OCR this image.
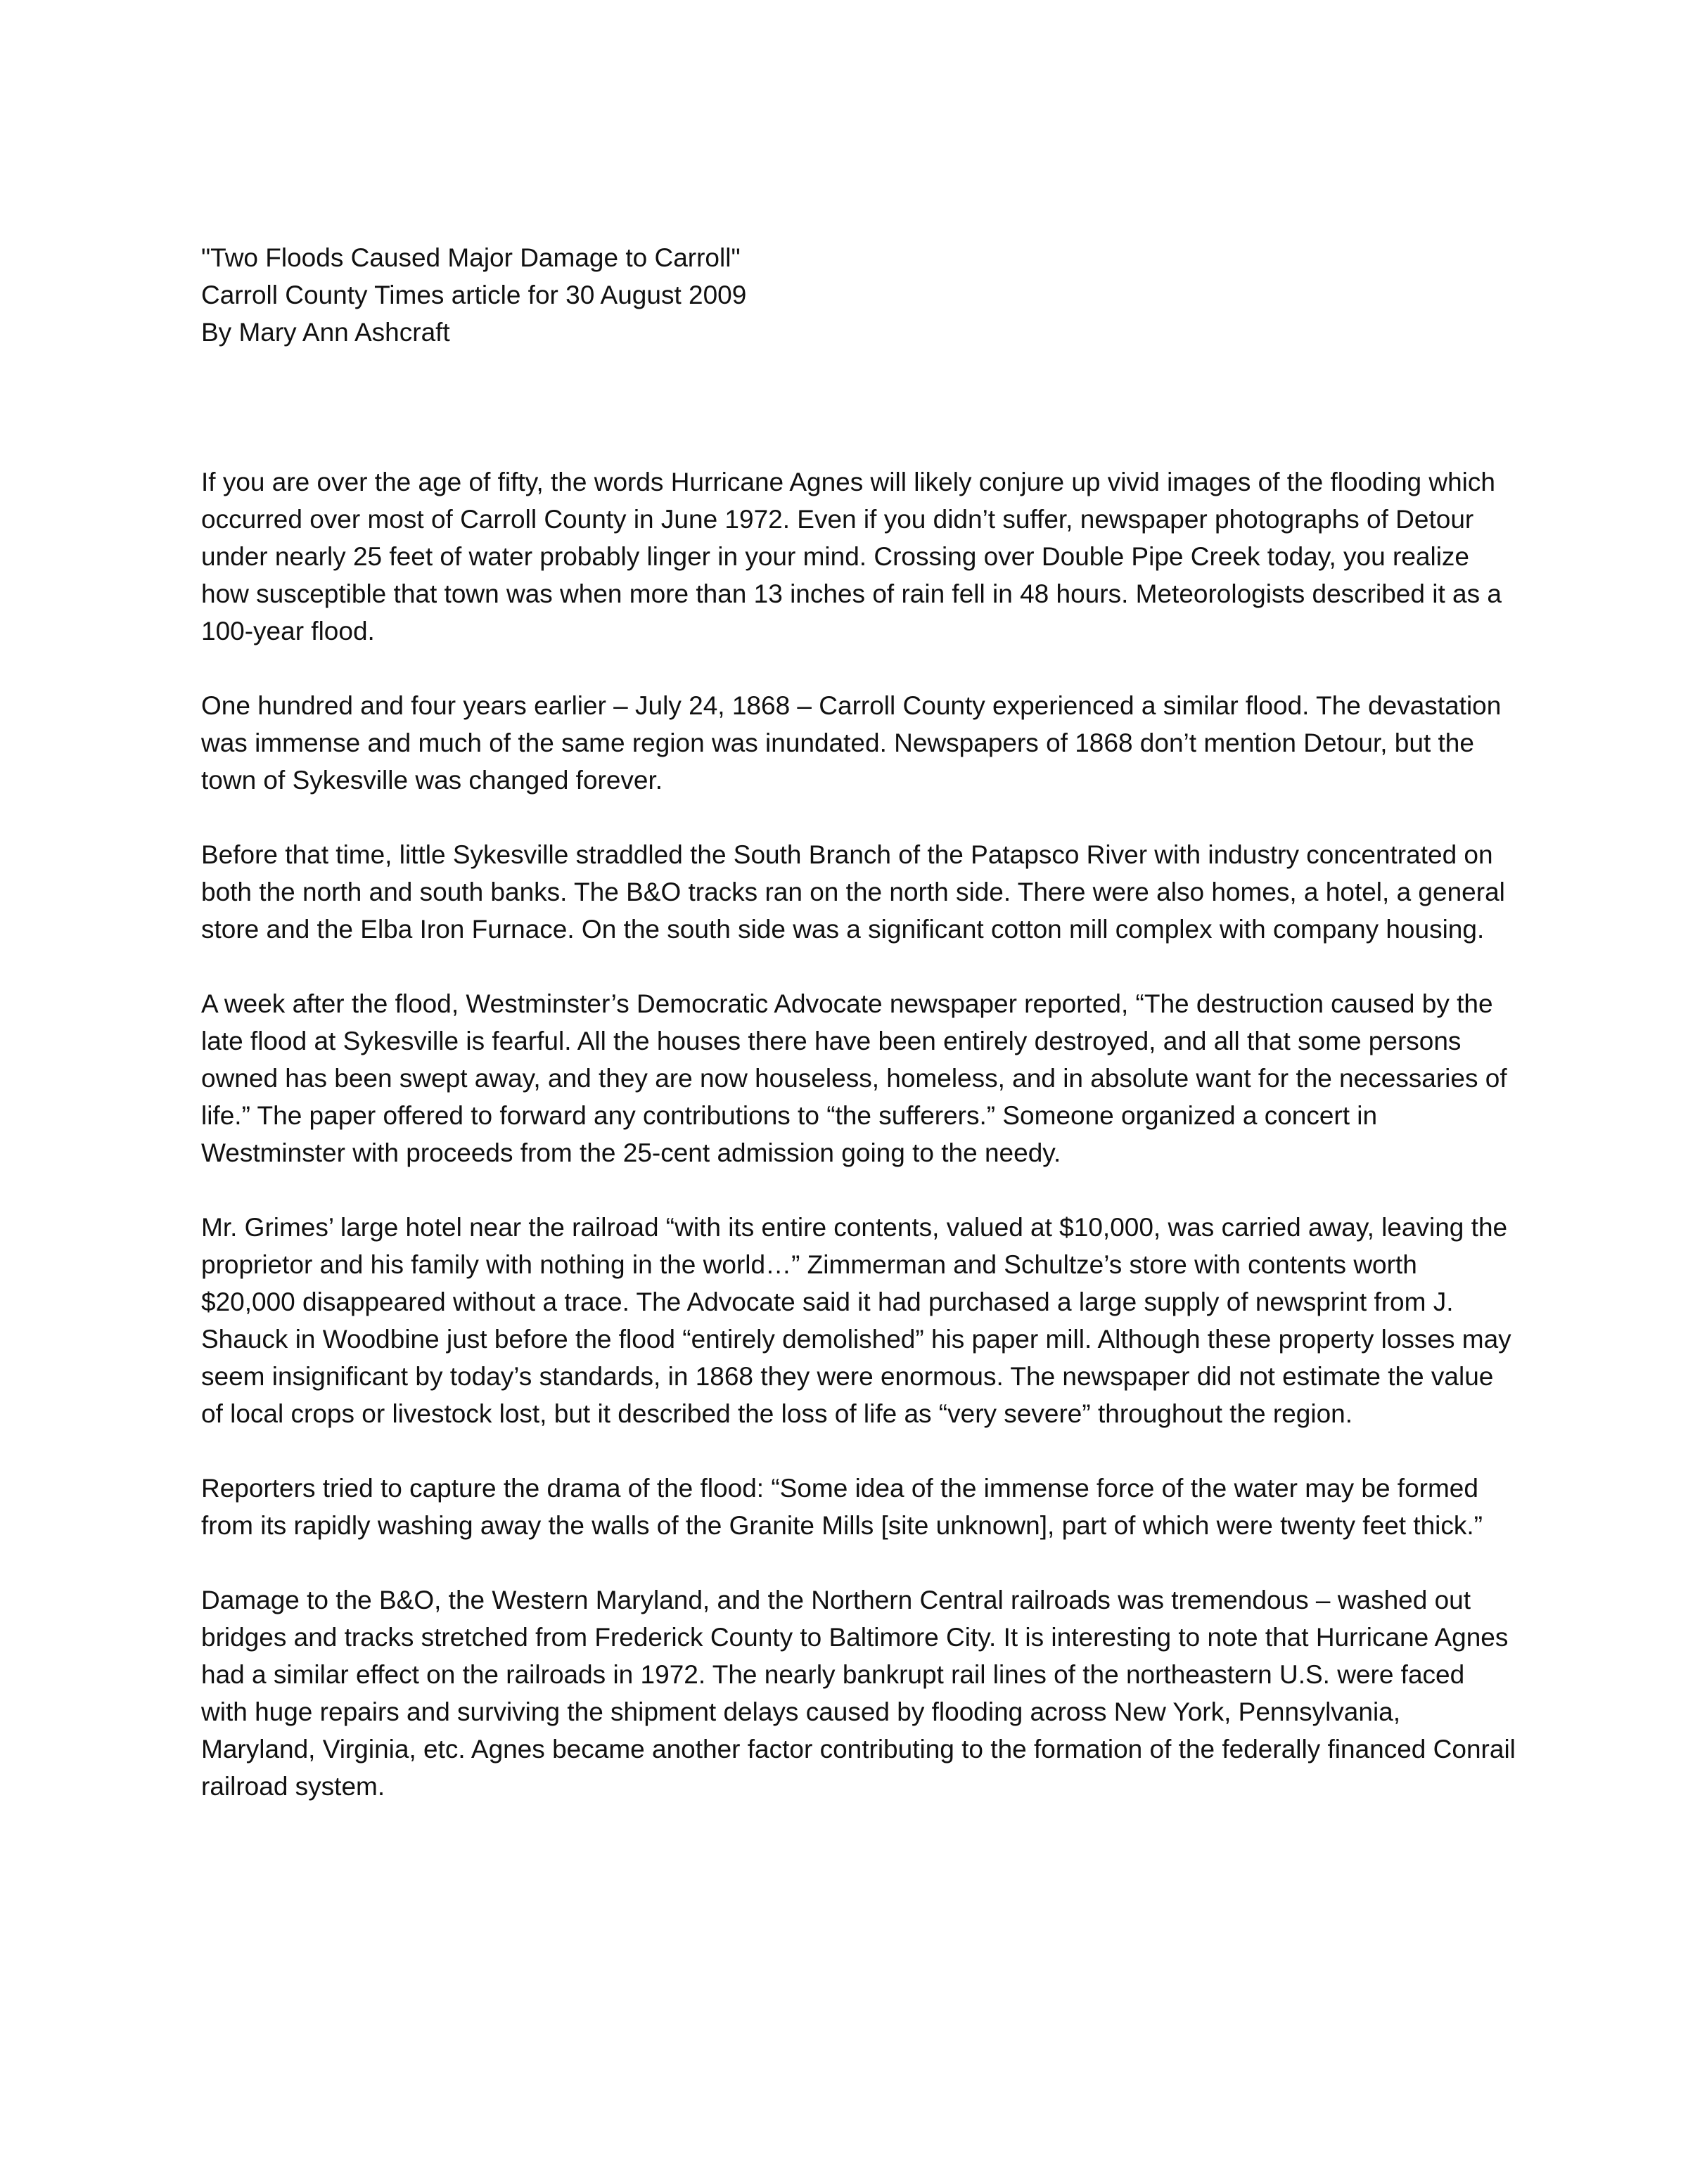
"Two Floods Caused Major Damage to Carroll"
Carroll County Times article for 30 August 2009
By Mary Ann Ashcraft

If you are over the age of fifty, the words Hurricane Agnes will likely conjure up vivid images of the flooding which occurred over most of Carroll County in June 1972. Even if you didn’t suffer, newspaper photographs of Detour under nearly 25 feet of water probably linger in your mind. Crossing over Double Pipe Creek today, you realize how susceptible that town was when more than 13 inches of rain fell in 48 hours. Meteorologists described it as a 100-year flood.

One hundred and four years earlier – July 24, 1868 – Carroll County experienced a similar flood. The devastation was immense and much of the same region was inundated. Newspapers of 1868 don’t mention Detour, but the town of Sykesville was changed forever.

Before that time, little Sykesville straddled the South Branch of the Patapsco River with industry concentrated on both the north and south banks. The B&O tracks ran on the north side. There were also homes, a hotel, a general store and the Elba Iron Furnace. On the south side was a significant cotton mill complex with company housing.

A week after the flood, Westminster’s Democratic Advocate newspaper reported, “The destruction caused by the late flood at Sykesville is fearful. All the houses there have been entirely destroyed, and all that some persons owned has been swept away, and they are now houseless, homeless, and in absolute want for the necessaries of life.” The paper offered to forward any contributions to “the sufferers.” Someone organized a concert in Westminster with proceeds from the 25-cent admission going to the needy.

Mr. Grimes’ large hotel near the railroad “with its entire contents, valued at $10,000, was carried away, leaving the proprietor and his family with nothing in the world…” Zimmerman and Schultze’s store with contents worth $20,000 disappeared without a trace. The Advocate said it had purchased a large supply of newsprint from J. Shauck in Woodbine just before the flood “entirely demolished” his paper mill. Although these property losses may seem insignificant by today’s standards, in 1868 they were enormous. The newspaper did not estimate the value of local crops or livestock lost, but it described the loss of life as “very severe” throughout the region.

Reporters tried to capture the drama of the flood: “Some idea of the immense force of the water may be formed from its rapidly washing away the walls of the Granite Mills [site unknown], part of which were twenty feet thick.”

Damage to the B&O, the Western Maryland, and the Northern Central railroads was tremendous – washed out bridges and tracks stretched from Frederick County to Baltimore City. It is interesting to note that Hurricane Agnes had a similar effect on the railroads in 1972. The nearly bankrupt rail lines of the northeastern U.S. were faced with huge repairs and surviving the shipment delays caused by flooding across New York, Pennsylvania, Maryland, Virginia, etc. Agnes became another factor contributing to the formation of the federally financed Conrail railroad system.
